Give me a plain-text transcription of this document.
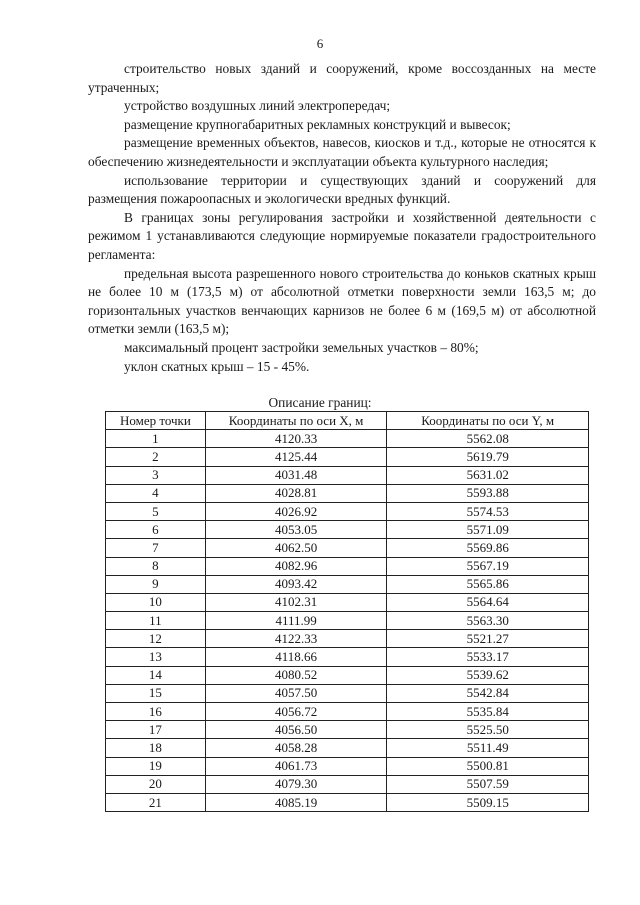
6

строительство новых зданий и сооружений, кроме воссозданных на месте утраченных;

устройство воздушных линий электропередач;

размещение крупногабаритных рекламных конструкций и вывесок;

размещение временных объектов, навесов, киосков и т.д., которые не относятся к обеспечению жизнедеятельности и эксплуатации объекта культурного наследия;

использование территории и существующих зданий и сооружений для размещения пожароопасных и экологически вредных функций.

В границах зоны регулирования застройки и хозяйственной деятельности с режимом 1 устанавливаются следующие нормируемые показатели градостроительного регламента:

предельная высота разрешенного нового строительства до коньков скатных крыш не более 10 м (173,5 м) от абсолютной отметки поверхности земли 163,5 м; до горизонтальных участков венчающих карнизов не более 6 м (169,5 м) от абсолютной отметки земли (163,5 м);

максимальный процент застройки земельных участков – 80%;

уклон скатных крыш – 15 - 45%.

Описание границ:
Номер точки	Координаты по оси X, м	Координаты по оси Y, м
1	4120.33	5562.08
2	4125.44	5619.79
3	4031.48	5631.02
4	4028.81	5593.88
5	4026.92	5574.53
6	4053.05	5571.09
7	4062.50	5569.86
8	4082.96	5567.19
9	4093.42	5565.86
10	4102.31	5564.64
11	4111.99	5563.30
12	4122.33	5521.27
13	4118.66	5533.17
14	4080.52	5539.62
15	4057.50	5542.84
16	4056.72	5535.84
17	4056.50	5525.50
18	4058.28	5511.49
19	4061.73	5500.81
20	4079.30	5507.59
21	4085.19	5509.15
